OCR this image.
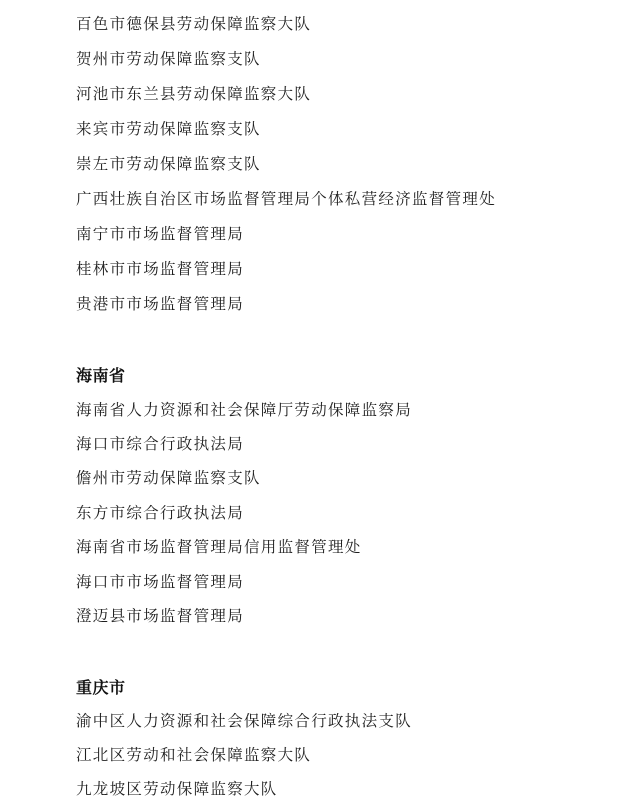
百色市德保县劳动保障监察大队
贺州市劳动保障监察支队
河池市东兰县劳动保障监察大队
来宾市劳动保障监察支队
崇左市劳动保障监察支队
广西壮族自治区市场监督管理局个体私营经济监督管理处
南宁市市场监督管理局
桂林市市场监督管理局
贵港市市场监督管理局
海南省
海南省人力资源和社会保障厅劳动保障监察局
海口市综合行政执法局
儋州市劳动保障监察支队
东方市综合行政执法局
海南省市场监督管理局信用监督管理处
海口市市场监督管理局
澄迈县市场监督管理局
重庆市
渝中区人力资源和社会保障综合行政执法支队
江北区劳动和社会保障监察大队
九龙坡区劳动保障监察大队
